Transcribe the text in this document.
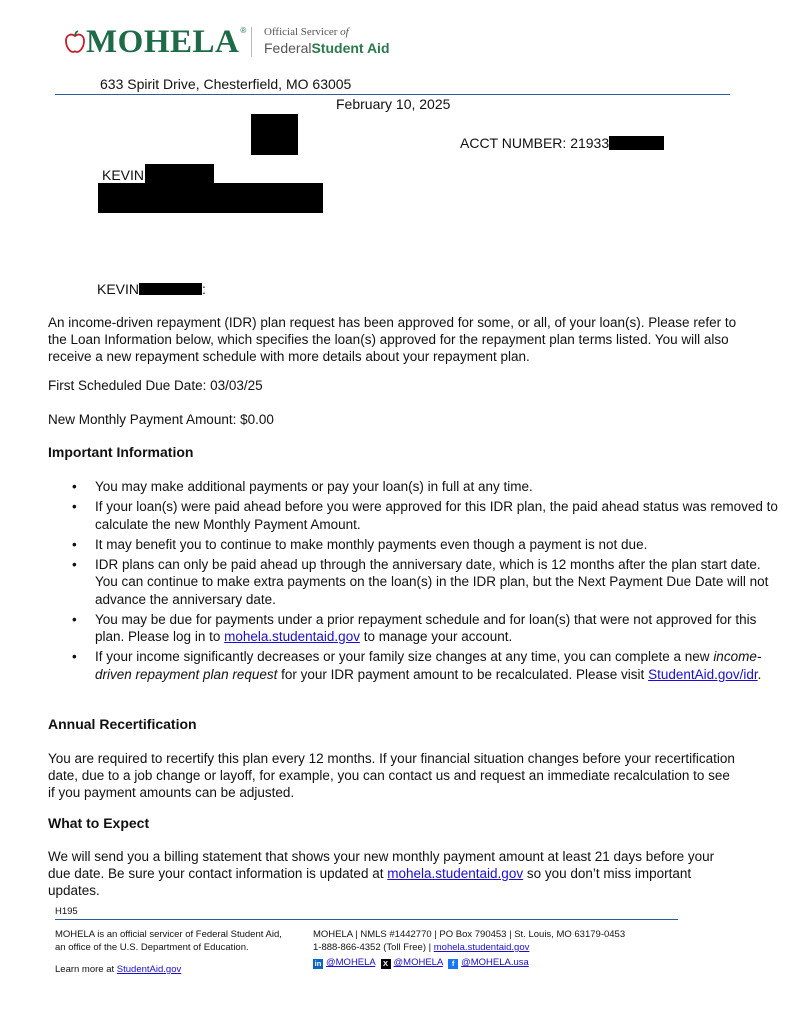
MOHELA ® Official Servicer of
FederalStudent Aid
633 Spirit Drive, Chesterfield, MO 63005
February 10, 2025
ACCT NUMBER: 21933
KEVIN
KEVIN	:
An income-driven repayment (IDR) plan request has been approved for some, or all, of your loan(s). Please refer to the Loan Information below, which specifies the loan(s) approved for the repayment plan terms listed. You will also receive a new repayment schedule with more details about your repayment plan.
First Scheduled Due Date: 03/03/25
New Monthly Payment Amount: $0.00
Important Information
• You may make additional payments or pay your loan(s) in full at any time.
• If your loan(s) were paid ahead before you were approved for this IDR plan, the paid ahead status was removed to calculate the new Monthly Payment Amount.
• It may benefit you to continue to make monthly payments even though a payment is not due.
• IDR plans can only be paid ahead up through the anniversary date, which is 12 months after the plan start date. You can continue to make extra payments on the loan(s) in the IDR plan, but the Next Payment Due Date will not advance the anniversary date.
• You may be due for payments under a prior repayment schedule and for loan(s) that were not approved for this plan. Please log in to mohela.studentaid.gov to manage your account.
• If your income significantly decreases or your family size changes at any time, you can complete a new income-driven repayment plan request for your IDR payment amount to be recalculated. Please visit StudentAid.gov/idr.
Annual Recertification
You are required to recertify this plan every 12 months. If your financial situation changes before your recertification date, due to a job change or layoff, for example, you can contact us and request an immediate recalculation to see if you payment amounts can be adjusted.
What to Expect
We will send you a billing statement that shows your new monthly payment amount at least 21 days before your due date. Be sure your contact information is updated at mohela.studentaid.gov so you don’t miss important updates.
H195
MOHELA is an official servicer of Federal Student Aid,
an office of the U.S. Department of Education.
Learn more at StudentAid.gov
MOHELA | NMLS #1442770 | PO Box 790453 | St. Louis, MO 63179-0453
1-888-866-4352 (Toll Free) | mohela.studentaid.gov
in @MOHELA X @MOHELA f @MOHELA.usa
